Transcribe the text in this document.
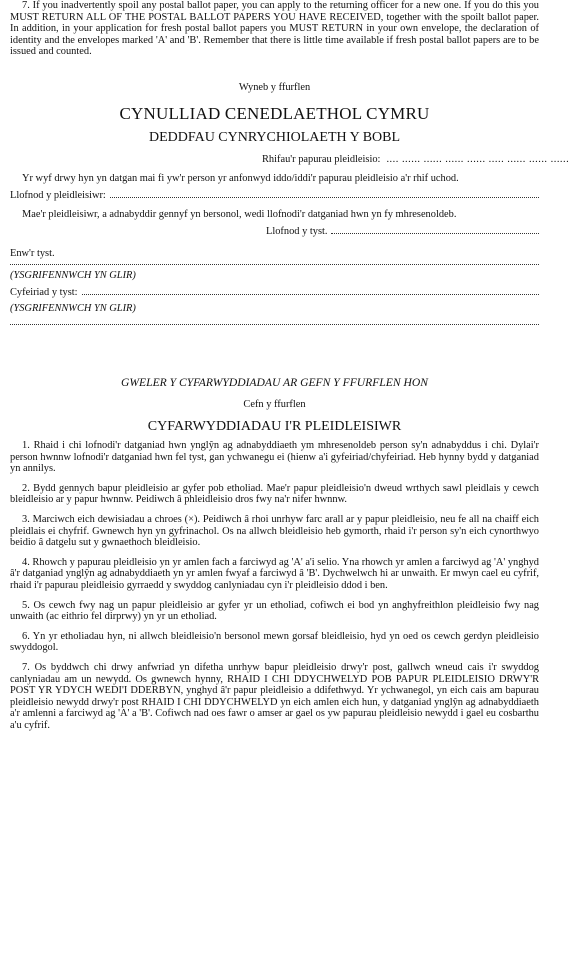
7. If you inadvertently spoil any postal ballot paper, you can apply to the returning officer for a new one. If you do this you MUST RETURN ALL OF THE POSTAL BALLOT PAPERS YOU HAVE RECEIVED, together with the spoilt ballot paper. In addition, in your application for fresh postal ballot papers you MUST RETURN in your own envelope, the declaration of identity and the envelopes marked 'A' and 'B'. Remember that there is little time available if fresh postal ballot papers are to be issued and counted.
Wyneb y ffurflen
CYNULLIAD CENEDLAETHOL CYMRU
DEDDFAU CYNRYCHIOLAETH Y BOBL
Rhifau'r papurau pleidleisio: .... ...... ...... ...... ...... ..... ...... ...... ......
Yr wyf drwy hyn yn datgan mai fi yw'r person yr anfonwyd iddo/iddi'r papurau pleidleisio a'r rhif uchod.
Llofnod y pleidleisiwr:
Mae'r pleidleisiwr, a adnabyddir gennyf yn bersonol, wedi llofnodi'r datganiad hwn yn fy mhresenoldeb.
Llofnod y tyst.
Enw'r tyst.
(YSGRIFENNWCH YN GLIR)
Cyfeiriad y tyst:
(YSGRIFENNWCH YN GLIR)
GWELER Y CYFARWYDDIADAU AR GEFN Y FFURFLEN HON
Cefn y ffurflen
CYFARWYDDIADAU I'R PLEIDLEISIWR
1. Rhaid i chi lofnodi'r datganiad hwn ynglŷn ag adnabyddiaeth ym mhresenoldeb person sy'n adnabyddus i chi. Dylai'r person hwnnw lofnodi'r datganiad hwn fel tyst, gan ychwanegu ei (hienw a'i gyfeiriad/chyfeiriad. Heb hynny bydd y datganiad yn annilys.
2. Bydd gennych bapur pleidleisio ar gyfer pob etholiad. Mae'r papur pleidleisio'n dweud wrthych sawl pleidlais y cewch bleidleisio ar y papur hwnnw. Peidiwch â phleidleisio dros fwy na'r nifer hwnnw.
3. Marciwch eich dewisiadau a chroes (×). Peidiwch â rhoi unrhyw farc arall ar y papur pleidleisio, neu fe all na chaiff eich pleidlais ei chyfrif. Gwnewch hyn yn gyfrinachol. Os na allwch bleidleisio heb gymorth, rhaid i'r person sy'n eich cynorthwyo beidio â datgelu sut y gwnaethoch bleidleisio.
4. Rhowch y papurau pleidleisio yn yr amlen fach a farciwyd ag 'A' a'i selio. Yna rhowch yr amlen a farciwyd ag 'A' ynghyd â'r datganiad ynglŷn ag adnabyddiaeth yn yr amlen fwyaf a farciwyd â 'B'. Dychwelwch hi ar unwaith. Er mwyn cael eu cyfrif, rhaid i'r papurau pleidleisio gyrraedd y swyddog canlyniadau cyn i'r pleidleisio ddod i ben.
5. Os cewch fwy nag un papur pleidleisio ar gyfer yr un etholiad, cofiwch ei bod yn anghyfreithlon pleidleisio fwy nag unwaith (ac eithrio fel dirprwy) yn yr un etholiad.
6. Yn yr etholiadau hyn, ni allwch bleidleisio'n bersonol mewn gorsaf bleidleisio, hyd yn oed os cewch gerdyn pleidleisio swyddogol.
7. Os byddwch chi drwy anfwriad yn difetha unrhyw bapur pleidleisio drwy'r post, gallwch wneud cais i'r swyddog canlyniadau am un newydd. Os gwnewch hynny, RHAID I CHI DDYCHWELYD POB PAPUR PLEIDLEISIO DRWY'R POST YR YDYCH WEDI'I DDERBYN, ynghyd â'r papur pleidleisio a ddifethwyd. Yr ychwanegol, yn eich cais am bapurau pleidleisio newydd drwy'r post RHAID I CHI DDYCHWELYD yn eich amlen eich hun, y datganiad ynglŷn ag adnabyddiaeth a'r amlenni a farciwyd ag 'A' a 'B'. Cofiwch nad oes fawr o amser ar gael os yw papurau pleidleisio newydd i gael eu cosbarthu a'u cyfrif.
